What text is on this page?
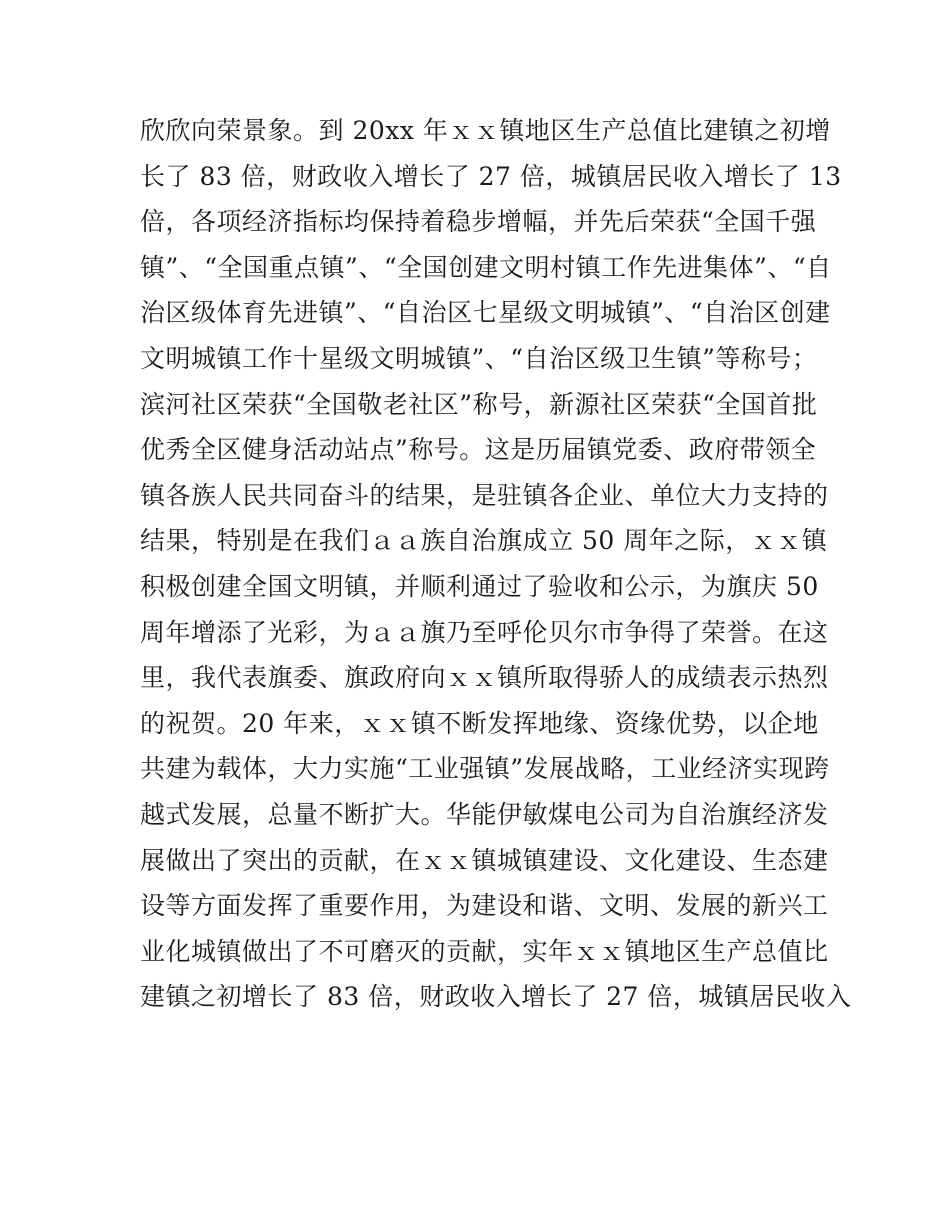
欣欣向荣景象。到 20xx 年ｘｘ镇地区生产总值比建镇之初增
长了 83 倍，财政收入增长了 27 倍，城镇居民收入增长了 13
倍，各项经济指标均保持着稳步增幅，并先后荣获“全国千强
镇”、“全国重点镇”、“全国创建文明村镇工作先进集体”、“自
治区级体育先进镇”、“自治区七星级文明城镇”、“自治区创建
文明城镇工作十星级文明城镇”、“自治区级卫生镇”等称号；
滨河社区荣获“全国敬老社区”称号，新源社区荣获“全国首批
优秀全区健身活动站点”称号。这是历届镇党委、政府带领全
镇各族人民共同奋斗的结果，是驻镇各企业、单位大力支持的
结果，特别是在我们ａａ族自治旗成立 50 周年之际，ｘｘ镇
积极创建全国文明镇，并顺利通过了验收和公示，为旗庆 50
周年增添了光彩，为ａａ旗乃至呼伦贝尔市争得了荣誉。在这
里，我代表旗委、旗政府向ｘｘ镇所取得骄人的成绩表示热烈
的祝贺。20 年来，ｘｘ镇不断发挥地缘、资缘优势，以企地
共建为载体，大力实施“工业强镇”发展战略，工业经济实现跨
越式发展，总量不断扩大。华能伊敏煤电公司为自治旗经济发
展做出了突出的贡献，在ｘｘ镇城镇建设、文化建设、生态建
设等方面发挥了重要作用，为建设和谐、文明、发展的新兴工
业化城镇做出了不可磨灭的贡献，实年ｘｘ镇地区生产总值比
建镇之初增长了 83 倍，财政收入增长了 27 倍，城镇居民收入
